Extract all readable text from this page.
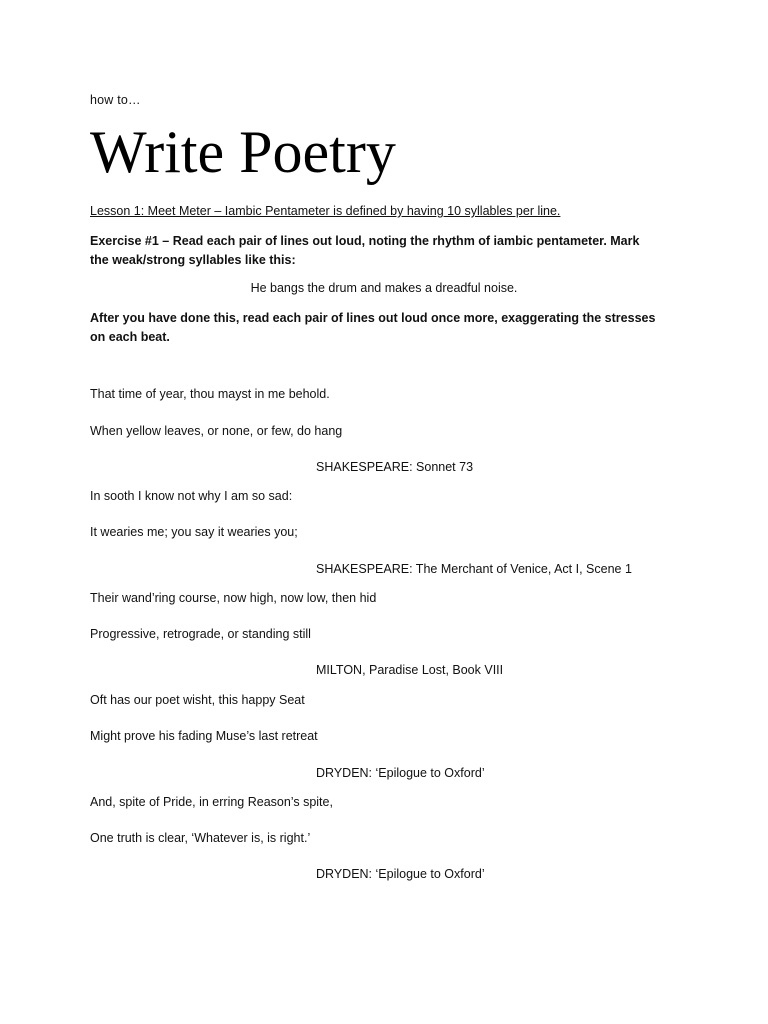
how to…
Write Poetry
Lesson 1: Meet Meter – Iambic Pentameter is defined by having 10 syllables per line.
Exercise #1 – Read each pair of lines out loud, noting the rhythm of iambic pentameter. Mark the weak/strong syllables like this:
He bangs the drum and makes a dreadful noise.
After you have done this, read each pair of lines out loud once more, exaggerating the stresses on each beat.
That time of year, thou mayst in me behold.
When yellow leaves, or none, or few, do hang
SHAKESPEARE: Sonnet 73
In sooth I know not why I am so sad:
It wearies me; you say it wearies you;
SHAKESPEARE: The Merchant of Venice, Act I, Scene 1
Their wand’ring course, now high, now low, then hid
Progressive, retrograde, or standing still
MILTON, Paradise Lost, Book VIII
Oft has our poet wisht, this happy Seat
Might prove his fading Muse’s last retreat
DRYDEN: ‘Epilogue to Oxford’
And, spite of Pride, in erring Reason’s spite,
One truth is clear, ‘Whatever is, is right.’
DRYDEN: ‘Epilogue to Oxford’
